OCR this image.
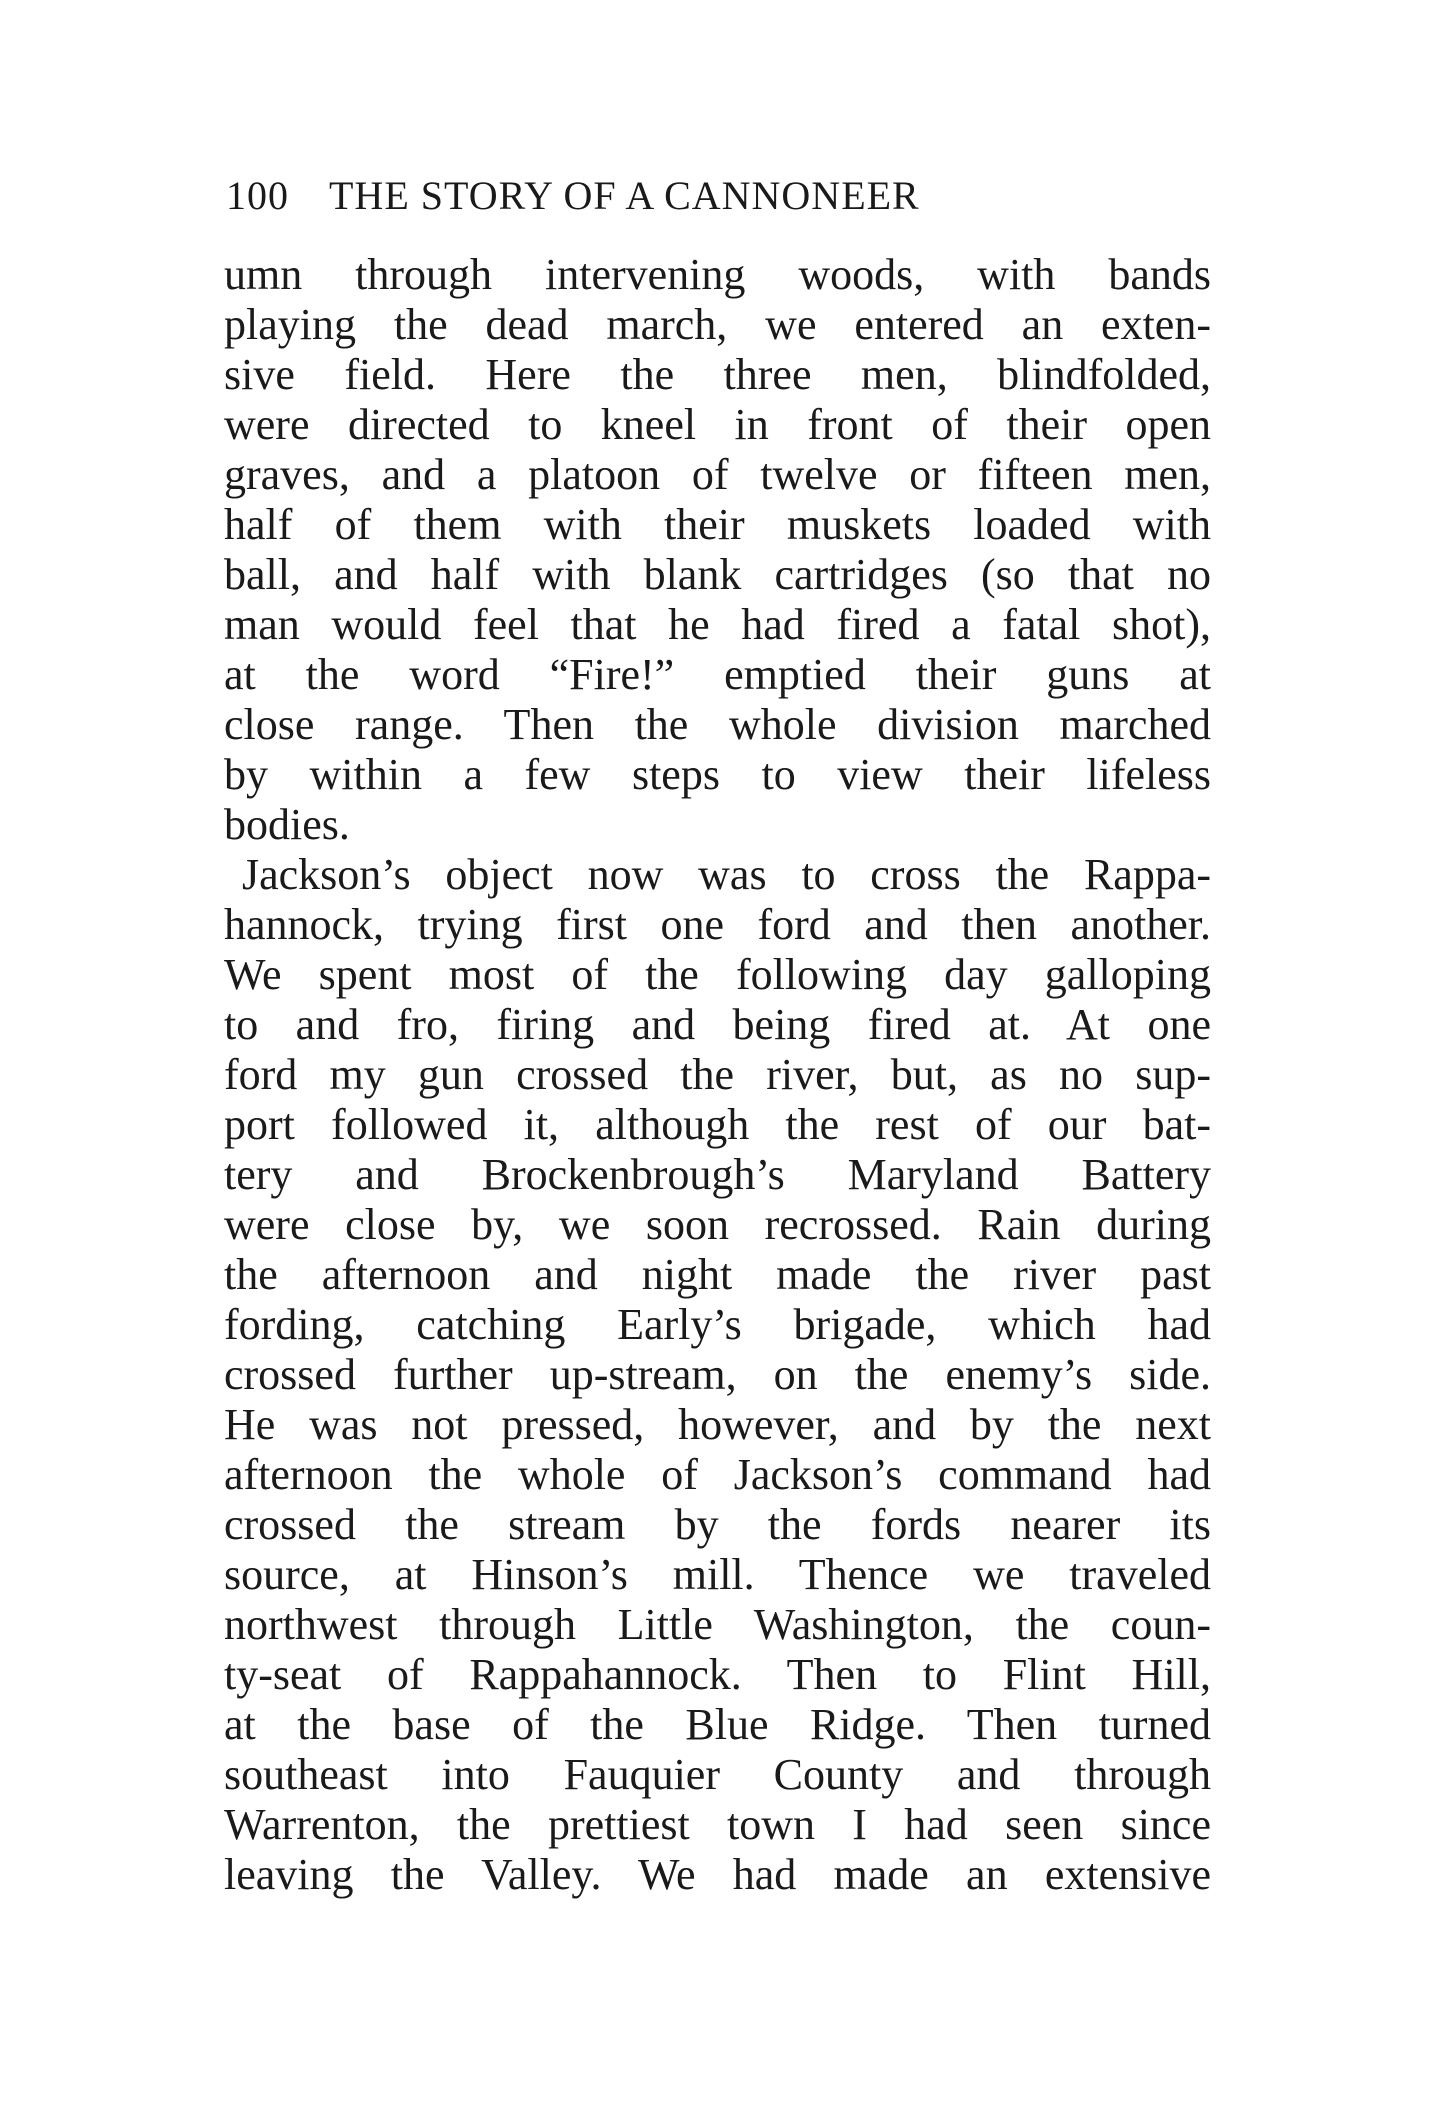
100 THE STORY OF A CANNONEER
umn through intervening woods, with bands
playing the dead march, we entered an exten-
sive field. Here the three men, blindfolded,
were directed to kneel in front of their open
graves, and a platoon of twelve or fifteen men,
half of them with their muskets loaded with
ball, and half with blank cartridges (so that no
man would feel that he had fired a fatal shot),
at the word “Fire!” emptied their guns at
close range. Then the whole division marched
by within a few steps to view their lifeless
bodies.
Jackson’s object now was to cross the Rappa-
hannock, trying first one ford and then another.
We spent most of the following day galloping
to and fro, firing and being fired at. At one
ford my gun crossed the river, but, as no sup-
port followed it, although the rest of our bat-
tery and Brockenbrough’s Maryland Battery
were close by, we soon recrossed. Rain during
the afternoon and night made the river past
fording, catching Early’s brigade, which had
crossed further up-stream, on the enemy’s side.
He was not pressed, however, and by the next
afternoon the whole of Jackson’s command had
crossed the stream by the fords nearer its
source, at Hinson’s mill. Thence we traveled
northwest through Little Washington, the coun-
ty-seat of Rappahannock. Then to Flint Hill,
at the base of the Blue Ridge. Then turned
southeast into Fauquier County and through
Warrenton, the prettiest town I had seen since
leaving the Valley. We had made an extensive
